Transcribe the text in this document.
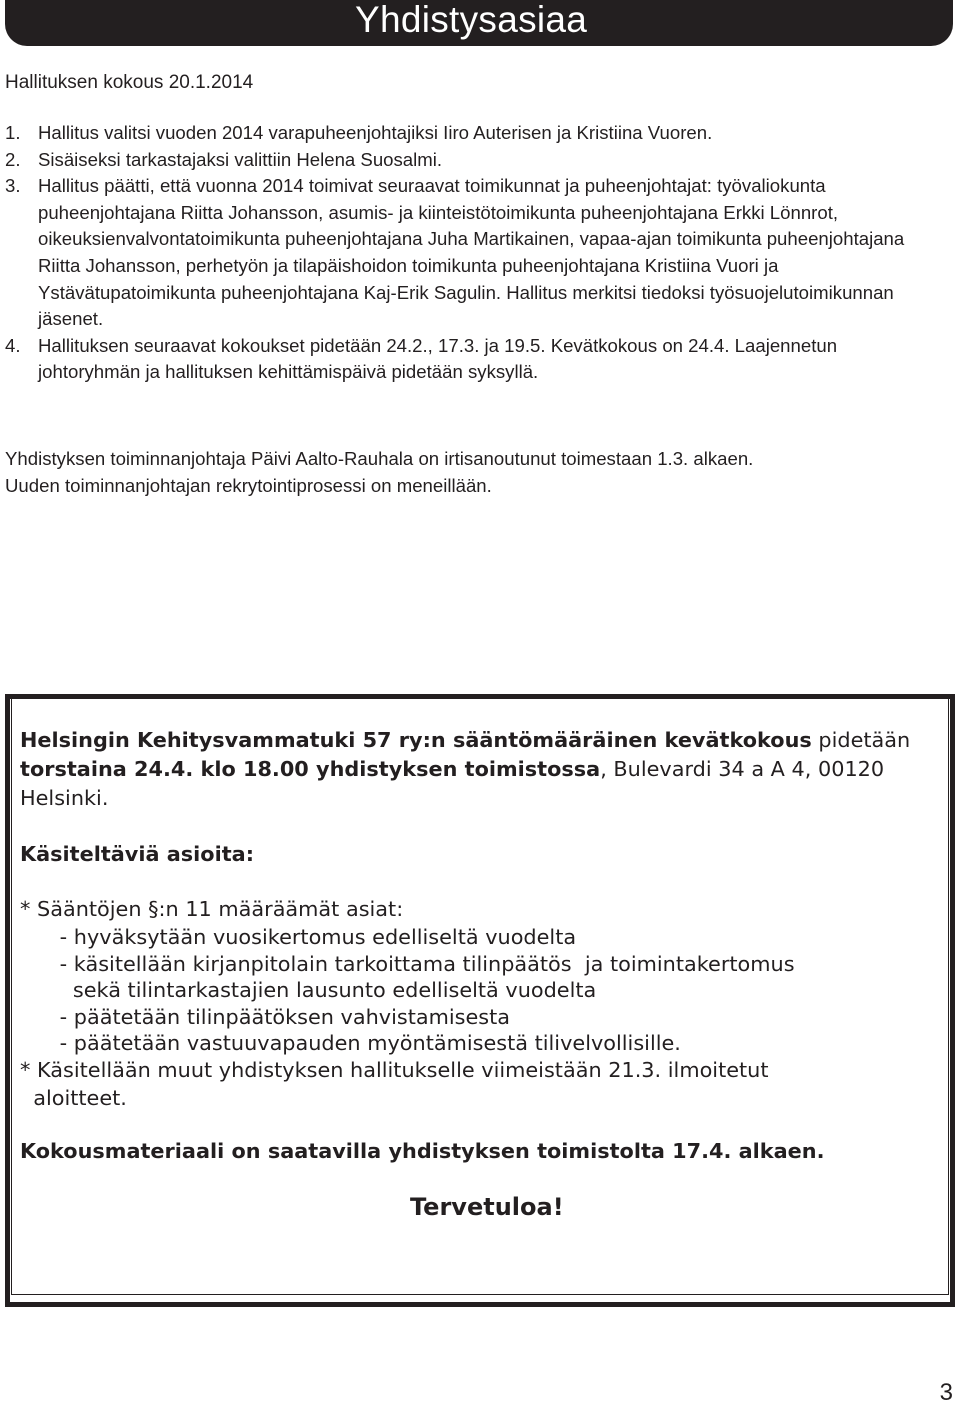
Yhdistysasiaa

Hallituksen kokous 20.1.2014

1. Hallitus valitsi vuoden 2014 varapuheenjohtajiksi Iiro Auterisen ja Kristiina Vuoren.
2. Sisäiseksi tarkastajaksi valittiin Helena Suosalmi.
3. Hallitus päätti, että vuonna 2014 toimivat seuraavat toimikunnat ja puheenjohtajat: työvaliokunta puheenjohtajana Riitta Johansson, asumis- ja kiinteistötoimikunta puheenjohtajana Erkki Lönnrot, oikeuksienvalvontatoimikunta puheenjohtajana Juha Martikainen, vapaa-ajan toimikunta puheenjohtajana Riitta Johansson, perhetyön ja tilapäishoidon toimikunta puheenjohtajana Kristiina Vuori ja Ystävätupatoimikunta puheenjohtajana Kaj-Erik Sagulin. Hallitus merkitsi tiedoksi työsuojelutoimikunnan jäsenet.
4. Hallituksen seuraavat kokoukset pidetään 24.2., 17.3. ja 19.5. Kevätkokous on 24.4. Laajennetun johtoryhmän ja hallituksen kehittämispäivä pidetään syksyllä.

Yhdistyksen toiminnanjohtaja Päivi Aalto-Rauhala on irtisanoutunut toimestaan 1.3. alkaen.
Uuden toiminnanjohtajan rekrytointiprosessi on meneillään.

Helsingin Kehitysvammatuki 57 ry:n sääntömääräinen kevätkokous pidetään torstaina 24.4. klo 18.00 yhdistyksen toimistossa, Bulevardi 34 a A 4, 00120 Helsinki.

Käsiteltäviä asioita:

* Sääntöjen §:n 11 määräämät asiat:
- hyväksytään vuosikertomus edelliseltä vuodelta
- käsitellään kirjanpitolain tarkoittama tilinpäätös  ja toimintakertomus
sekä tilintarkastajien lausunto edelliseltä vuodelta
- päätetään tilinpäätöksen vahvistamisesta
- päätetään vastuuvapauden myöntämisestä tilivelvollisille.
* Käsitellään muut yhdistyksen hallitukselle viimeistään 21.3. ilmoitetut
aloitteet.

Kokousmateriaali on saatavilla yhdistyksen toimistolta 17.4. alkaen.

Tervetuloa!

3
